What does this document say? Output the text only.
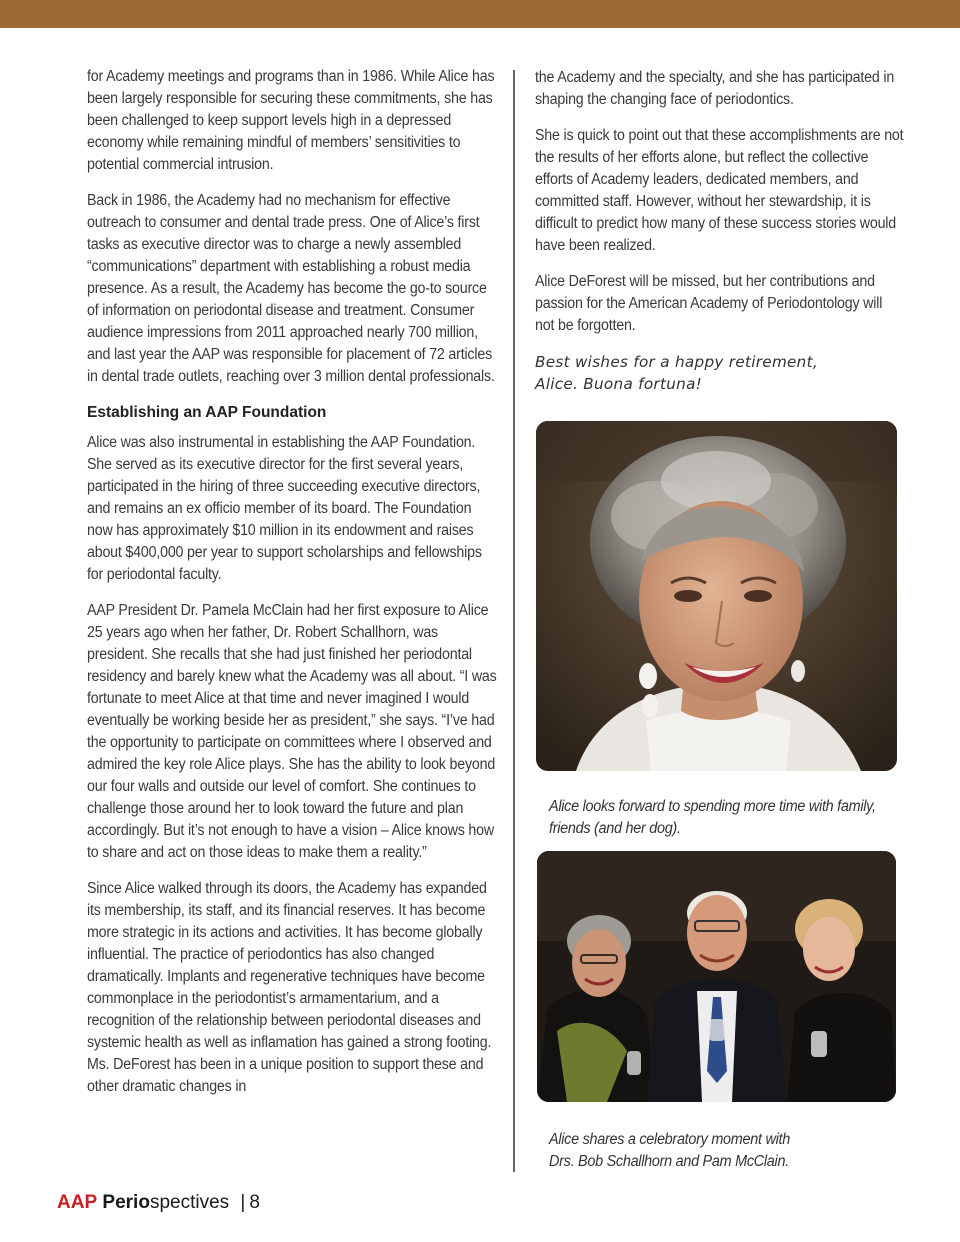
for Academy meetings and programs than in 1986. While Alice has been largely responsible for securing these commitments, she has been challenged to keep support levels high in a depressed economy while remaining mindful of members’ sensitivities to potential commercial intrusion.

Back in 1986, the Academy had no mechanism for effective outreach to consumer and dental trade press. One of Alice’s first tasks as executive director was to charge a newly assembled “communications” department with establishing a robust media presence. As a result, the Academy has become the go-to source of information on periodontal disease and treatment. Consumer audience impressions from 2011 approached nearly 700 million, and last year the AAP was responsible for placement of 72 articles in dental trade outlets, reaching over 3 million dental professionals.

Establishing an AAP Foundation

Alice was also instrumental in establishing the AAP Foundation. She served as its executive director for the first several years, participated in the hiring of three succeeding executive directors, and remains an ex officio member of its board. The Foundation now has approximately $10 million in its endowment and raises about $400,000 per year to support scholarships and fellowships for periodontal faculty.

AAP President Dr. Pamela McClain had her first exposure to Alice 25 years ago when her father, Dr. Robert Schallhorn, was president. She recalls that she had just finished her periodontal residency and barely knew what the Academy was all about. “I was fortunate to meet Alice at that time and never imagined I would eventually be working beside her as president,” she says. “I’ve had the opportunity to participate on committees where I observed and admired the key role Alice plays. She has the ability to look beyond our four walls and outside our level of comfort. She continues to challenge those around her to look toward the future and plan accordingly. But it’s not enough to have a vision – Alice knows how to share and act on those ideas to make them a reality.”

Since Alice walked through its doors, the Academy has expanded its membership, its staff, and its financial reserves. It has become more strategic in its actions and activities. It has become globally influential. The practice of periodontics has also changed dramatically. Implants and regenerative techniques have become commonplace in the periodontist’s armamentarium, and a recognition of the relationship between periodontal diseases and systemic health as well as inflamation has gained a strong footing. Ms. DeForest has been in a unique position to support these and other dramatic changes in

the Academy and the specialty, and she has participated in shaping the changing face of periodontics.

She is quick to point out that these accomplishments are not the results of her efforts alone, but reflect the collective efforts of Academy leaders, dedicated members, and committed staff. However, without her stewardship, it is difficult to predict how many of these success stories would have been realized.

Alice DeForest will be missed, but her contributions and passion for the American Academy of Periodontology will not be forgotten.

Best wishes for a happy retirement,
Alice. Buona fortuna!

Alice looks forward to spending more time with family,
friends (and her dog).

Alice shares a celebratory moment with
Drs. Bob Schallhorn and Pam McClain.

AAP Periospectives | 8
